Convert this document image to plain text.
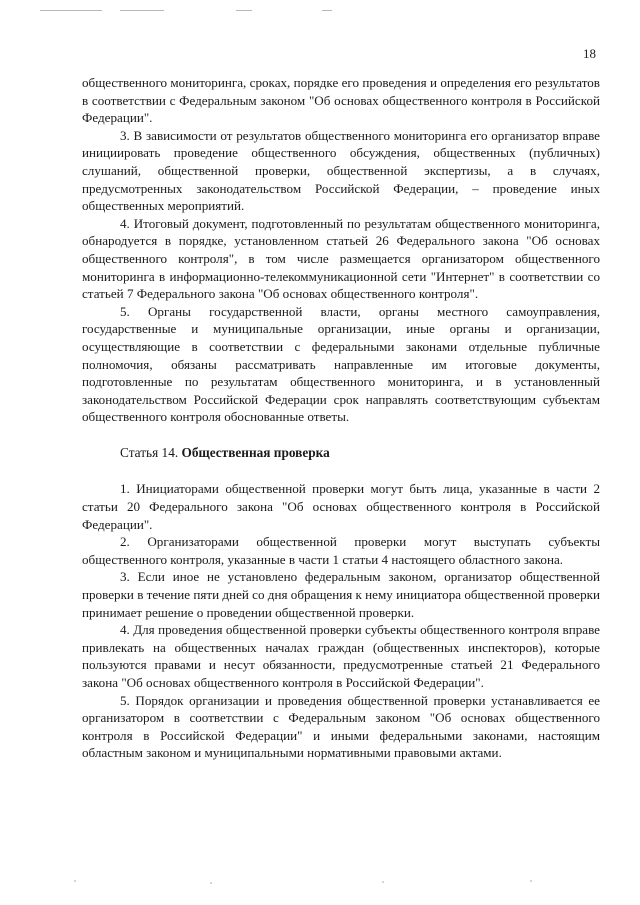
18

общественного мониторинга, сроках, порядке его проведения и определения его результатов в соответствии с Федеральным законом "Об основах общественного контроля в Российской Федерации".

3. В зависимости от результатов общественного мониторинга его организатор вправе инициировать проведение общественного обсуждения, общественных (публичных) слушаний, общественной проверки, общественной экспертизы, а в случаях, предусмотренных законодательством Российской Федерации, – проведение иных общественных мероприятий.

4. Итоговый документ, подготовленный по результатам общественного мониторинга, обнародуется в порядке, установленном статьей 26 Федерального закона "Об основах общественного контроля", в том числе размещается организатором общественного мониторинга в информационно-телекоммуникационной сети "Интернет" в соответствии со статьей 7 Федерального закона "Об основах общественного контроля".

5. Органы государственной власти, органы местного самоуправления, государственные и муниципальные организации, иные органы и организации, осуществляющие в соответствии с федеральными законами отдельные публичные полномочия, обязаны рассматривать направленные им итоговые документы, подготовленные по результатам общественного мониторинга, и в установленный законодательством Российской Федерации срок направлять соответствующим субъектам общественного контроля обоснованные ответы.

Статья 14. Общественная проверка

1. Инициаторами общественной проверки могут быть лица, указанные в части 2 статьи 20 Федерального закона "Об основах общественного контроля в Российской Федерации".

2. Организаторами общественной проверки могут выступать субъекты общественного контроля, указанные в части 1 статьи 4 настоящего областного закона.

3. Если иное не установлено федеральным законом, организатор общественной проверки в течение пяти дней со дня обращения к нему инициатора общественной проверки принимает решение о проведении общественной проверки.

4. Для проведения общественной проверки субъекты общественного контроля вправе привлекать на общественных началах граждан (общественных инспекторов), которые пользуются правами и несут обязанности, предусмотренные статьей 21 Федерального закона "Об основах общественного контроля в Российской Федерации".

5. Порядок организации и проведения общественной проверки устанавливается ее организатором в соответствии с Федеральным законом "Об основах общественного контроля в Российской Федерации" и иными федеральными законами, настоящим областным законом и муниципальными нормативными правовыми актами.
